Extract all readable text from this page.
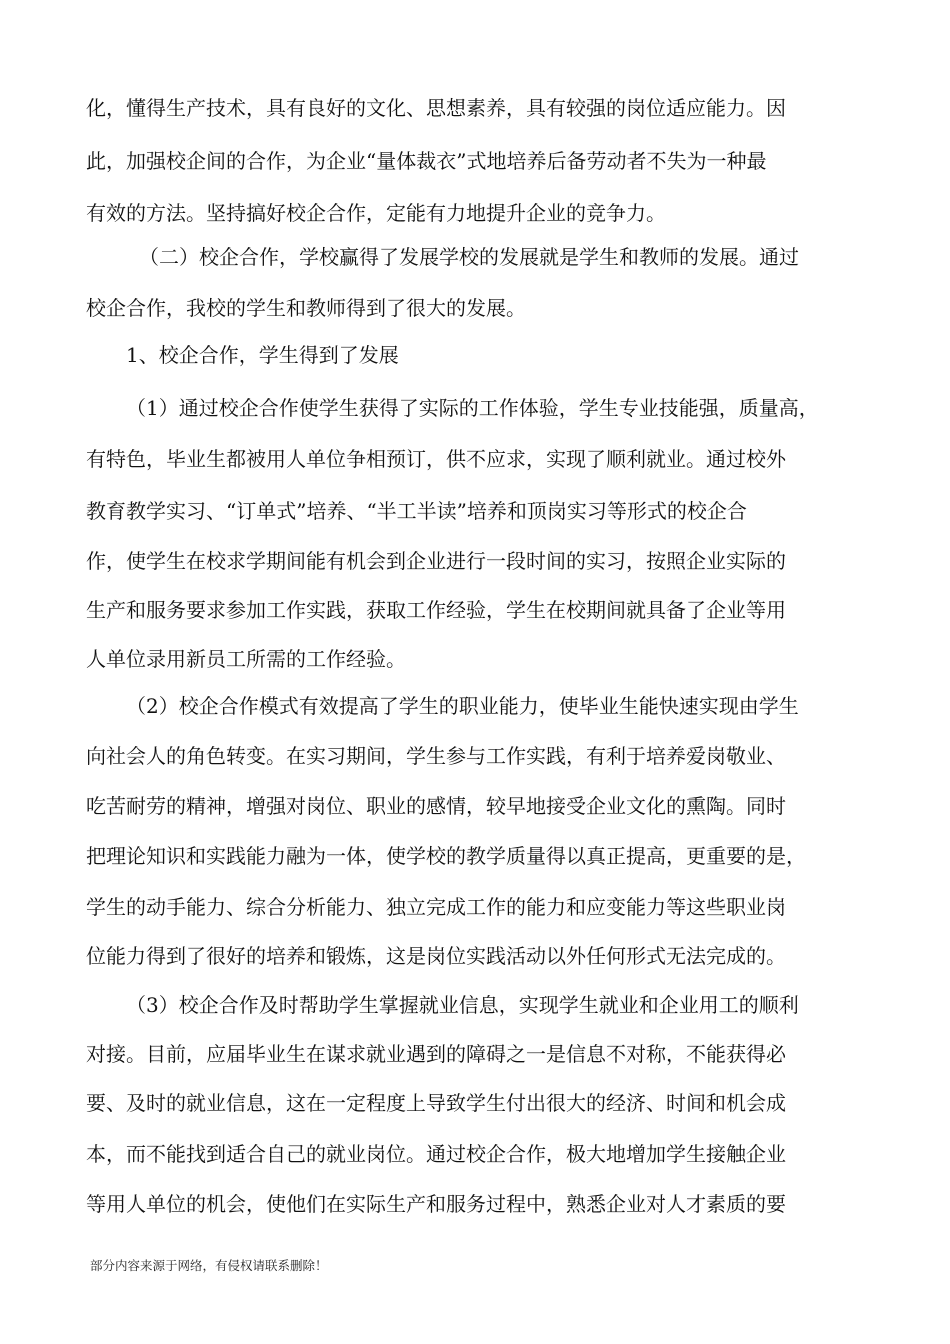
化，懂得生产技术，具有良好的文化、思想素养，具有较强的岗位适应能力。因
此，加强校企间的合作，为企业“量体裁衣”式地培养后备劳动者不失为一种最
有效的方法。坚持搞好校企合作，定能有力地提升企业的竞争力。
（二）校企合作，学校赢得了发展学校的发展就是学生和教师的发展。通过
校企合作，我校的学生和教师得到了很大的发展。
1、校企合作，学生得到了发展
（1）通过校企合作使学生获得了实际的工作体验，学生专业技能强，质量高，
有特色，毕业生都被用人单位争相预订，供不应求，实现了顺利就业。通过校外
教育教学实习、“订单式”培养、“半工半读”培养和顶岗实习等形式的校企合
作，使学生在校求学期间能有机会到企业进行一段时间的实习，按照企业实际的
生产和服务要求参加工作实践，获取工作经验，学生在校期间就具备了企业等用
人单位录用新员工所需的工作经验。
（2）校企合作模式有效提高了学生的职业能力，使毕业生能快速实现由学生
向社会人的角色转变。在实习期间，学生参与工作实践，有利于培养爱岗敬业、
吃苦耐劳的精神，增强对岗位、职业的感情，较早地接受企业文化的熏陶。同时
把理论知识和实践能力融为一体，使学校的教学质量得以真正提高，更重要的是，
学生的动手能力、综合分析能力、独立完成工作的能力和应变能力等这些职业岗
位能力得到了很好的培养和锻炼，这是岗位实践活动以外任何形式无法完成的。
（3）校企合作及时帮助学生掌握就业信息，实现学生就业和企业用工的顺利
对接。目前，应届毕业生在谋求就业遇到的障碍之一是信息不对称，不能获得必
要、及时的就业信息，这在一定程度上导致学生付出很大的经济、时间和机会成
本，而不能找到适合自己的就业岗位。通过校企合作，极大地增加学生接触企业
等用人单位的机会，使他们在实际生产和服务过程中，熟悉企业对人才素质的要
部分内容来源于网络，有侵权请联系删除！
